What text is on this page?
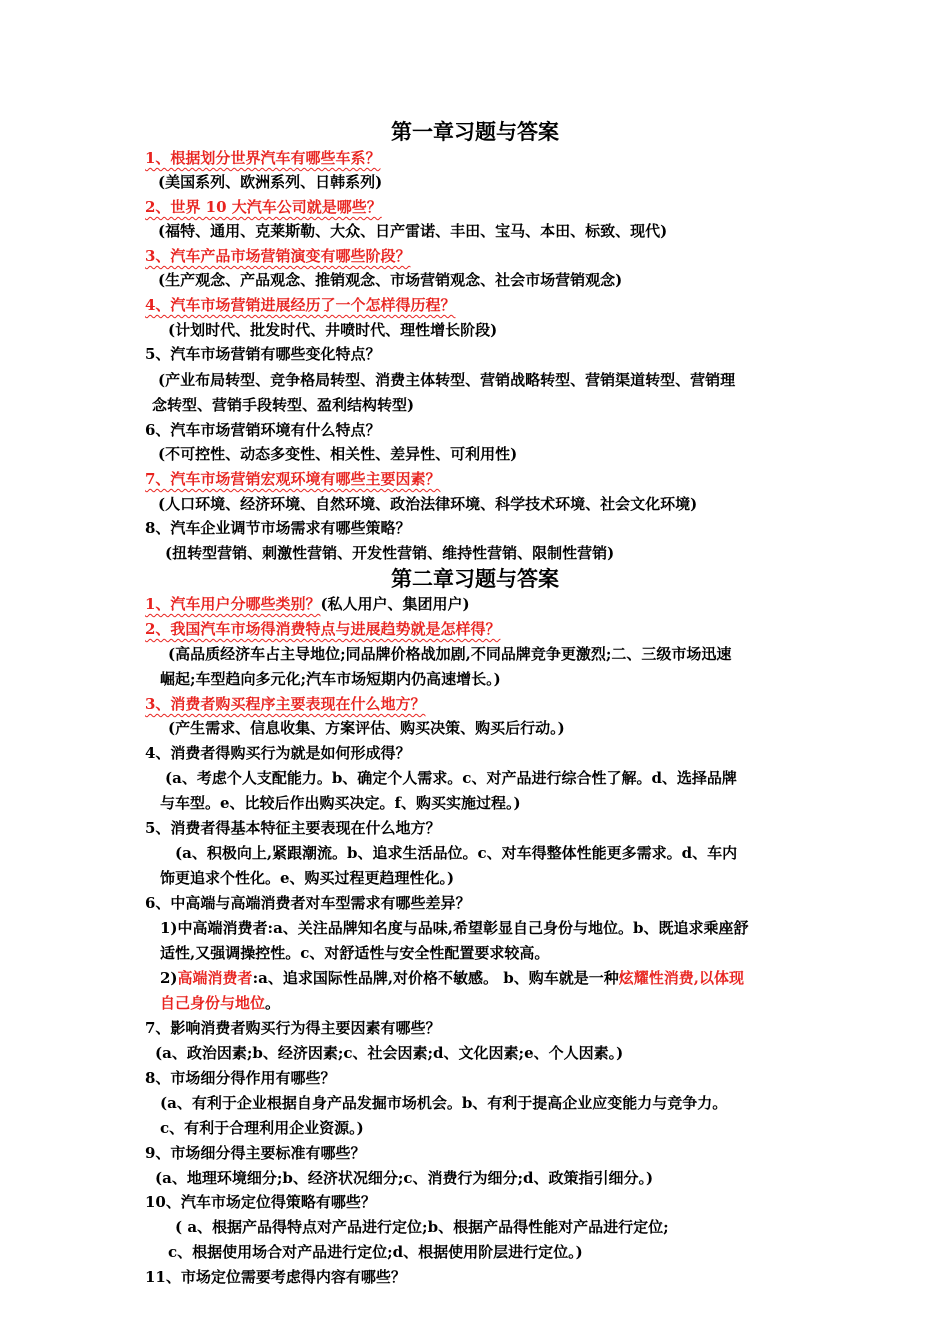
第一章习题与答案
1、根据划分世界汽车有哪些车系？
(美国系列、欧洲系列、日韩系列)
2、世界 10 大汽车公司就是哪些？
(福特、通用、克莱斯勒、大众、日产雷诺、丰田、宝马、本田、标致、现代)
3、汽车产品市场营销演变有哪些阶段？
(生产观念、产品观念、推销观念、市场营销观念、社会市场营销观念)
4、汽车市场营销进展经历了一个怎样得历程？
(计划时代、批发时代、井喷时代、理性增长阶段)
5、汽车市场营销有哪些变化特点？
(产业布局转型、竞争格局转型、消费主体转型、营销战略转型、营销渠道转型、营销理
念转型、营销手段转型、盈利结构转型)
6、汽车市场营销环境有什么特点？
(不可控性、动态多变性、相关性、差异性、可利用性)
7、汽车市场营销宏观环境有哪些主要因素？
(人口环境、经济环境、自然环境、政治法律环境、科学技术环境、社会文化环境)
8、汽车企业调节市场需求有哪些策略？
(扭转型营销、刺激性营销、开发性营销、维持性营销、限制性营销)
第二章习题与答案
1、汽车用户分哪些类别？(私人用户、集团用户)
2、我国汽车市场得消费特点与进展趋势就是怎样得？
(高品质经济车占主导地位;同品牌价格战加剧,不同品牌竞争更激烈;二、三级市场迅速
崛起;车型趋向多元化;汽车市场短期内仍高速增长。)
3、消费者购买程序主要表现在什么地方？
(产生需求、信息收集、方案评估、购买决策、购买后行动。)
4、消费者得购买行为就是如何形成得？
(a、考虑个人支配能力。b、确定个人需求。c、对产品进行综合性了解。d、选择品牌
与车型。e、比较后作出购买决定。f、购买实施过程。)
5、消费者得基本特征主要表现在什么地方？
(a、积极向上,紧跟潮流。b、追求生活品位。c、对车得整体性能更多需求。d、车内
饰更追求个性化。e、购买过程更趋理性化。)
6、中高端与高端消费者对车型需求有哪些差异？
1)中高端消费者:a、关注品牌知名度与品味,希望彰显自己身份与地位。b、既追求乘座舒
适性,又强调操控性。c、对舒适性与安全性配置要求较高。
2)高端消费者:a、追求国际性品牌,对价格不敏感。 b、购车就是一种炫耀性消费,以体现
自己身份与地位。
7、影响消费者购买行为得主要因素有哪些？
(a、政治因素;b、经济因素;c、社会因素;d、文化因素;e、个人因素。)
8、市场细分得作用有哪些？
(a、有利于企业根据自身产品发掘市场机会。b、有利于提高企业应变能力与竞争力。
c、有利于合理利用企业资源。)
9、市场细分得主要标准有哪些？
(a、地理环境细分;b、经济状况细分;c、消费行为细分;d、政策指引细分。)
10、汽车市场定位得策略有哪些？
( a、根据产品得特点对产品进行定位;b、根据产品得性能对产品进行定位;
c、根据使用场合对产品进行定位;d、根据使用阶层进行定位。)
11、市场定位需要考虑得内容有哪些？
